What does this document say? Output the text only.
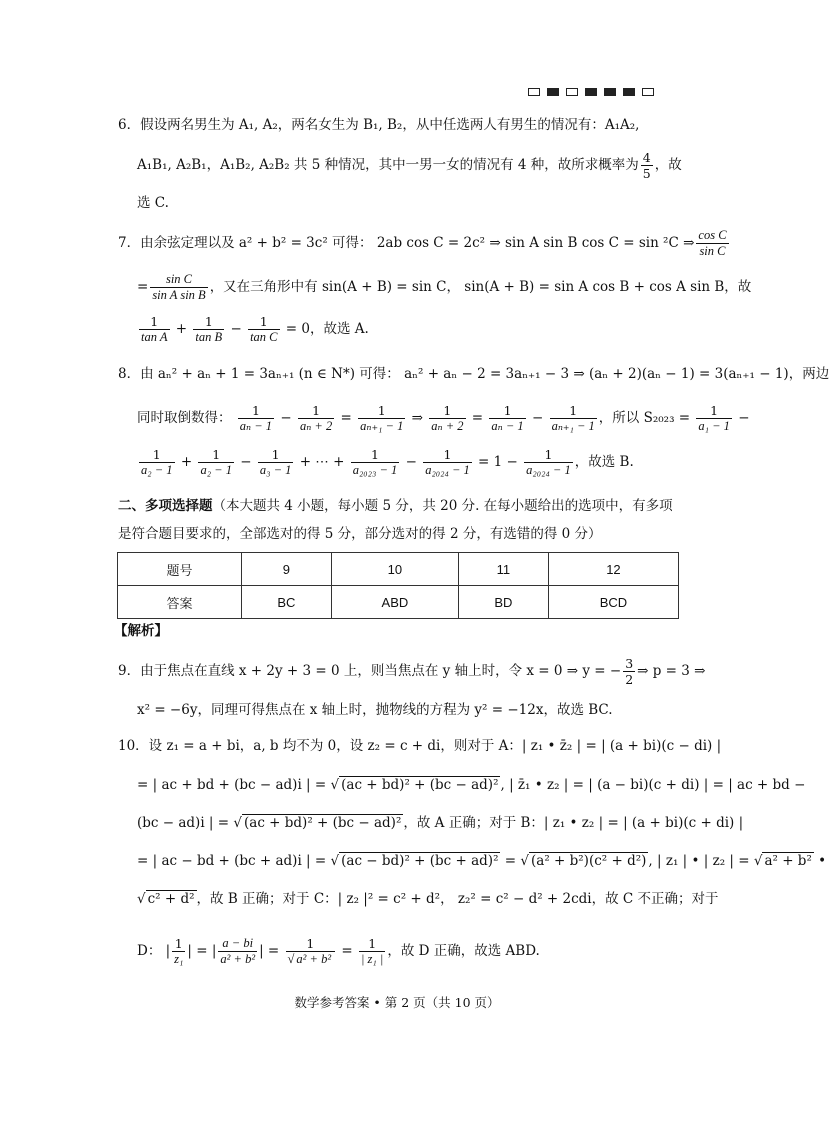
6．假设两名男生为 A₁, A₂，两名女生为 B₁, B₂，从中任选两人有男生的情况有：A₁A₂,
A₁B₁, A₂B₁，A₁B₂, A₂B₂ 共 5 种情况，其中一男一女的情况有 4 种，故所求概率为 $\frac{4}{5}$ ，故
选 C.
7．由余弦定理以及 a² + b² = 3c² 可得： 2ab cos C = 2c² ⇒ sin A sin B cos C = sin ²C ⇒ $\frac{\text{cos C}}{\text{sin C}}$
= $\frac{\text{sin C}}{\text{sin A sin B}}$ ，又在三角形中有 sin(A + B) = sin C， sin(A + B) = sin A cos B + cos A sin B，故
$\frac{1}{\text{tan A}} + \frac{1}{\text{tan B}} - \frac{1}{\text{tan C}} = 0$，故选 A.
8．由 aₙ² + aₙ + 1 = 3aₙ₊₁ (n ∈ N*) 可得： aₙ² + aₙ − 2 = 3aₙ₊₁ − 3 ⇒ (aₙ + 2)(aₙ − 1) = 3(aₙ₊₁ − 1)，两边
同时取倒数得： $\frac{1}{\text{aₙ − 1}} - \frac{1}{\text{aₙ + 2}} = \frac{1}{\text{aₙ₊₁ − 1}}$ ⇒ $\frac{1}{\text{aₙ + 2}} = \frac{1}{\text{aₙ − 1}} - \frac{1}{\text{aₙ₊₁ − 1}}$ ，所以 $S_{2023} = \frac{1}{\text{a₁ − 1}}$ −
$\frac{1}{\text{a₂ − 1}} + \frac{1}{\text{a₂ − 1}} - \frac{1}{\text{a₃ − 1}}$ + ⋯ + $\frac{1}{\text{a₂₀₂₃ − 1}} - \frac{1}{\text{a₂₀₂₄ − 1}} = 1 - \frac{1}{\text{a₂₀₂₄ − 1}}$ ，故选 B.
二、多项选择题（本大题共 4 小题，每小题 5 分，共 20 分. 在每小题给出的选项中，有多项
是符合题目要求的，全部选对的得 5 分，部分选对的得 2 分，有选错的得 0 分）
题号	9	10	11	12
答案	BC	ABD	BD	BCD
【解析】
9．由于焦点在直线 x + 2y + 3 = 0 上，则当焦点在 y 轴上时，令 x = 0 ⇒ y = − $\frac{3}{2}$ ⇒ p = 3 ⇒
x² = −6y，同理可得焦点在 x 轴上时，抛物线的方程为 y² = −12x，故选 BC.
10．设 z₁ = a + bi，a, b 均不为 0，设 z₂ = c + di，则对于 A：| z₁ • z̄₂ | = | (a + bi)(c − di) |
= | ac + bd + (bc − ad)i | = √ (ac + bd)² + (bc − ad)² , | z̄₁ • z₂ | = | (a − bi)(c + di) | = | ac + bd −
(bc − ad)i | = √ (ac + bd)² + (bc − ad)² ，故 A 正确；对于 B：| z₁ • z₂ | = | (a + bi)(c + di) |
= | ac − bd + (bc + ad)i | = √ (ac − bd)² + (bc + ad)² = √ (a² + b²)(c² + d²) , | z₁ | • | z₂ | = √ a² + b² •
√ c² + d² ，故 B 正确；对于 C：| z₂ |² = c² + d²， z₂² = c² − d² + 2cdi，故 C 不正确；对于
D： | $\frac{1}{\text{z₁}}$ | = | $\frac{a - bi}{\text{a² + b²}}$ | = $\frac{1}{\text{√ a² + b²}} = \frac{1}{\text{| z₁ |}}$ ，故 D 正确，故选 ABD.
数学参考答案 • 第 2 页（共 10 页）
